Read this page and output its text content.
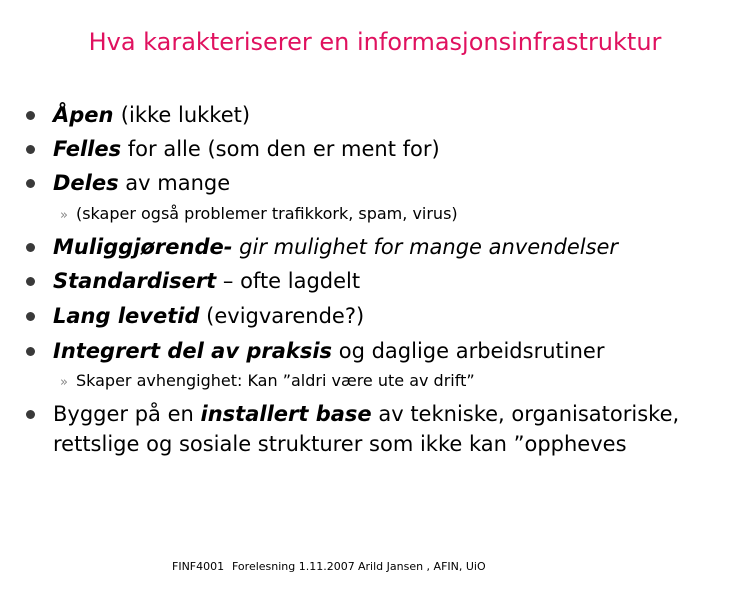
Hva karakteriserer en informasjonsinfrastruktur
Åpen (ikke lukket)
Felles for alle (som den er ment for)
Deles av mange
» (skaper også problemer trafikkork, spam, virus)
Muliggjørende- gir mulighet for mange anvendelser
Standardisert – ofte lagdelt
Lang levetid (evigvarende?)
Integrert del av praksis og daglige arbeidsrutiner
» Skaper avhengighet: Kan ”aldri være ute av drift”
Bygger på en installert base av tekniske, organisatoriske, rettslige og sosiale strukturer som ikke kan ”oppheves
FINF4001 Forelesning 1.11.2007 Arild Jansen , AFIN, UiO
